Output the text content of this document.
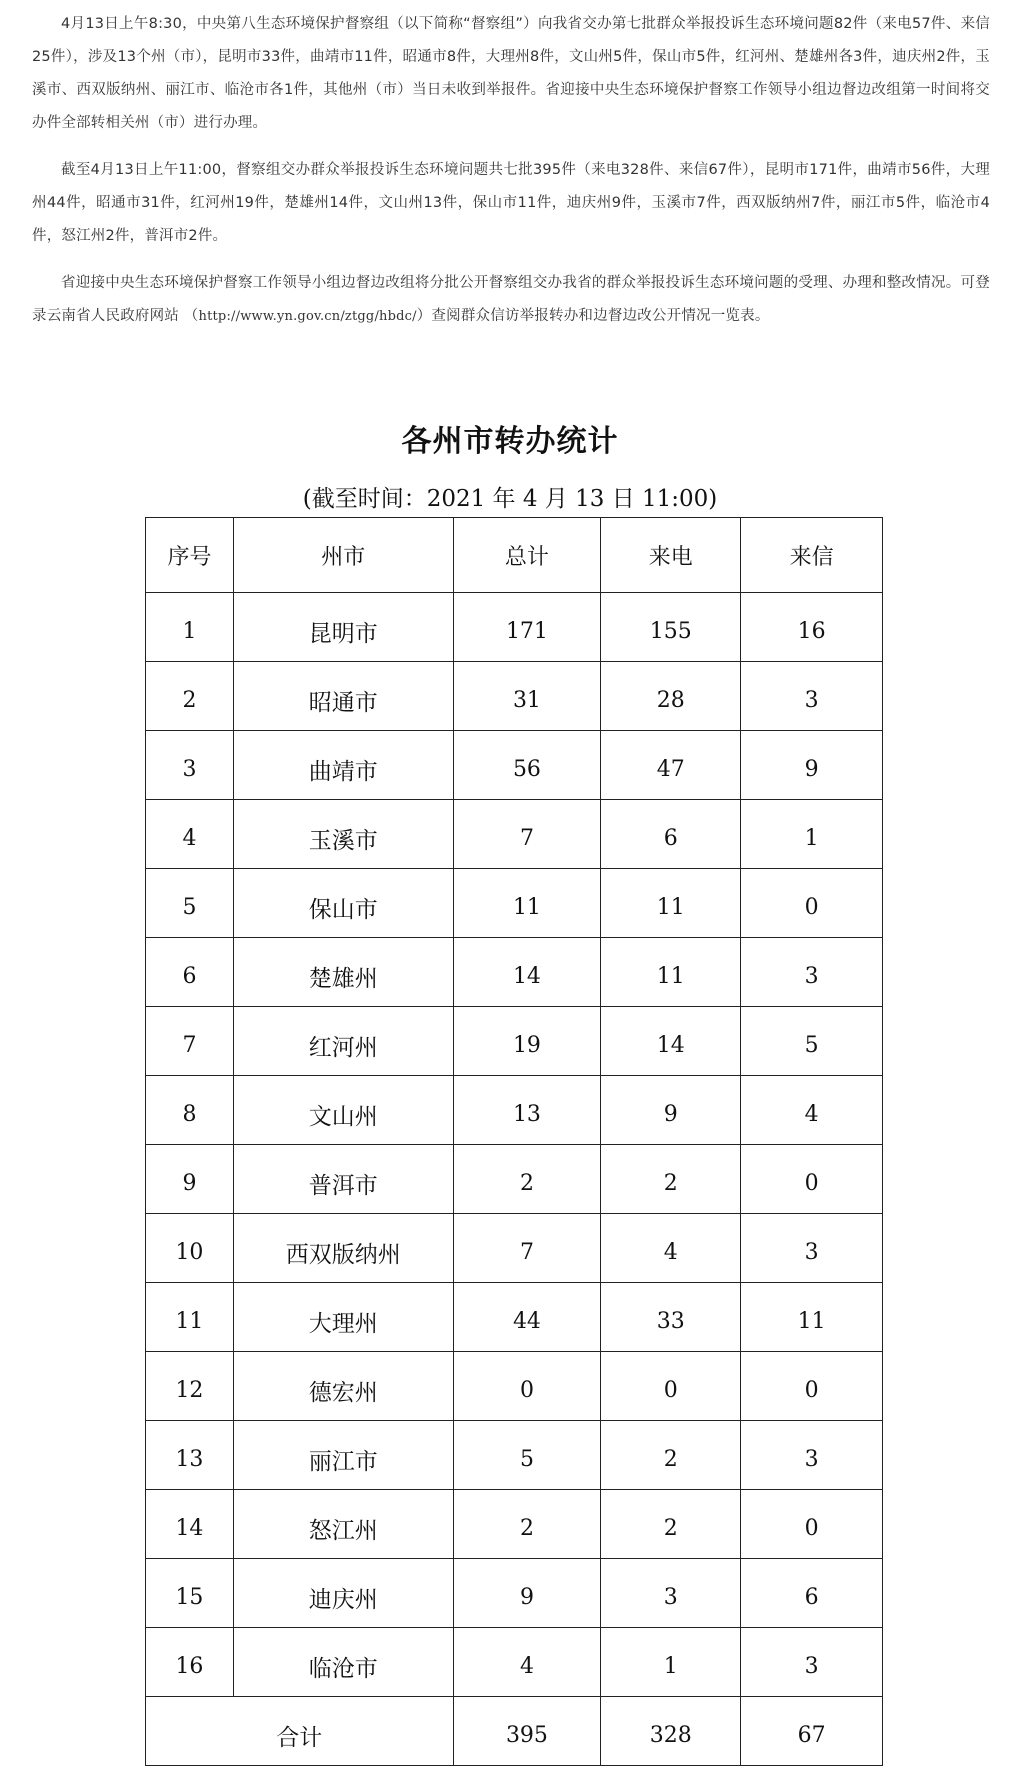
4月13日上午8:30，中央第八生态环境保护督察组（以下简称“督察组”）向我省交办第七批群众举报投诉生态环境问题82件（来电57件、来信25件），涉及13个州（市），昆明市33件，曲靖市11件，昭通市8件，大理州8件，文山州5件，保山市5件，红河州、楚雄州各3件，迪庆州2件，玉溪市、西双版纳州、丽江市、临沧市各1件，其他州（市）当日未收到举报件。省迎接中央生态环境保护督察工作领导小组边督边改组第一时间将交办件全部转相关州（市）进行办理。

截至4月13日上午11:00，督察组交办群众举报投诉生态环境问题共七批395件（来电328件、来信67件），昆明市171件，曲靖市56件，大理州44件，昭通市31件，红河州19件，楚雄州14件，文山州13件，保山市11件，迪庆州9件，玉溪市7件，西双版纳州7件，丽江市5件，临沧市4件，怒江州2件，普洱市2件。

省迎接中央生态环境保护督察工作领导小组边督边改组将分批公开督察组交办我省的群众举报投诉生态环境问题的受理、办理和整改情况。可登录云南省人民政府网站 （http://www.yn.gov.cn/ztgg/hbdc/）查阅群众信访举报转办和边督边改公开情况一览表。

各州市转办统计
(截至时间：2021 年 4 月 13 日 11:00)
序号	州市	总计	来电	来信
1	昆明市	171	155	16
2	昭通市	31	28	3
3	曲靖市	56	47	9
4	玉溪市	7	6	1
5	保山市	11	11	0
6	楚雄州	14	11	3
7	红河州	19	14	5
8	文山州	13	9	4
9	普洱市	2	2	0
10	西双版纳州	7	4	3
11	大理州	44	33	11
12	德宏州	0	0	0
13	丽江市	5	2	3
14	怒江州	2	2	0
15	迪庆州	9	3	6
16	临沧市	4	1	3
合计		395	328	67
